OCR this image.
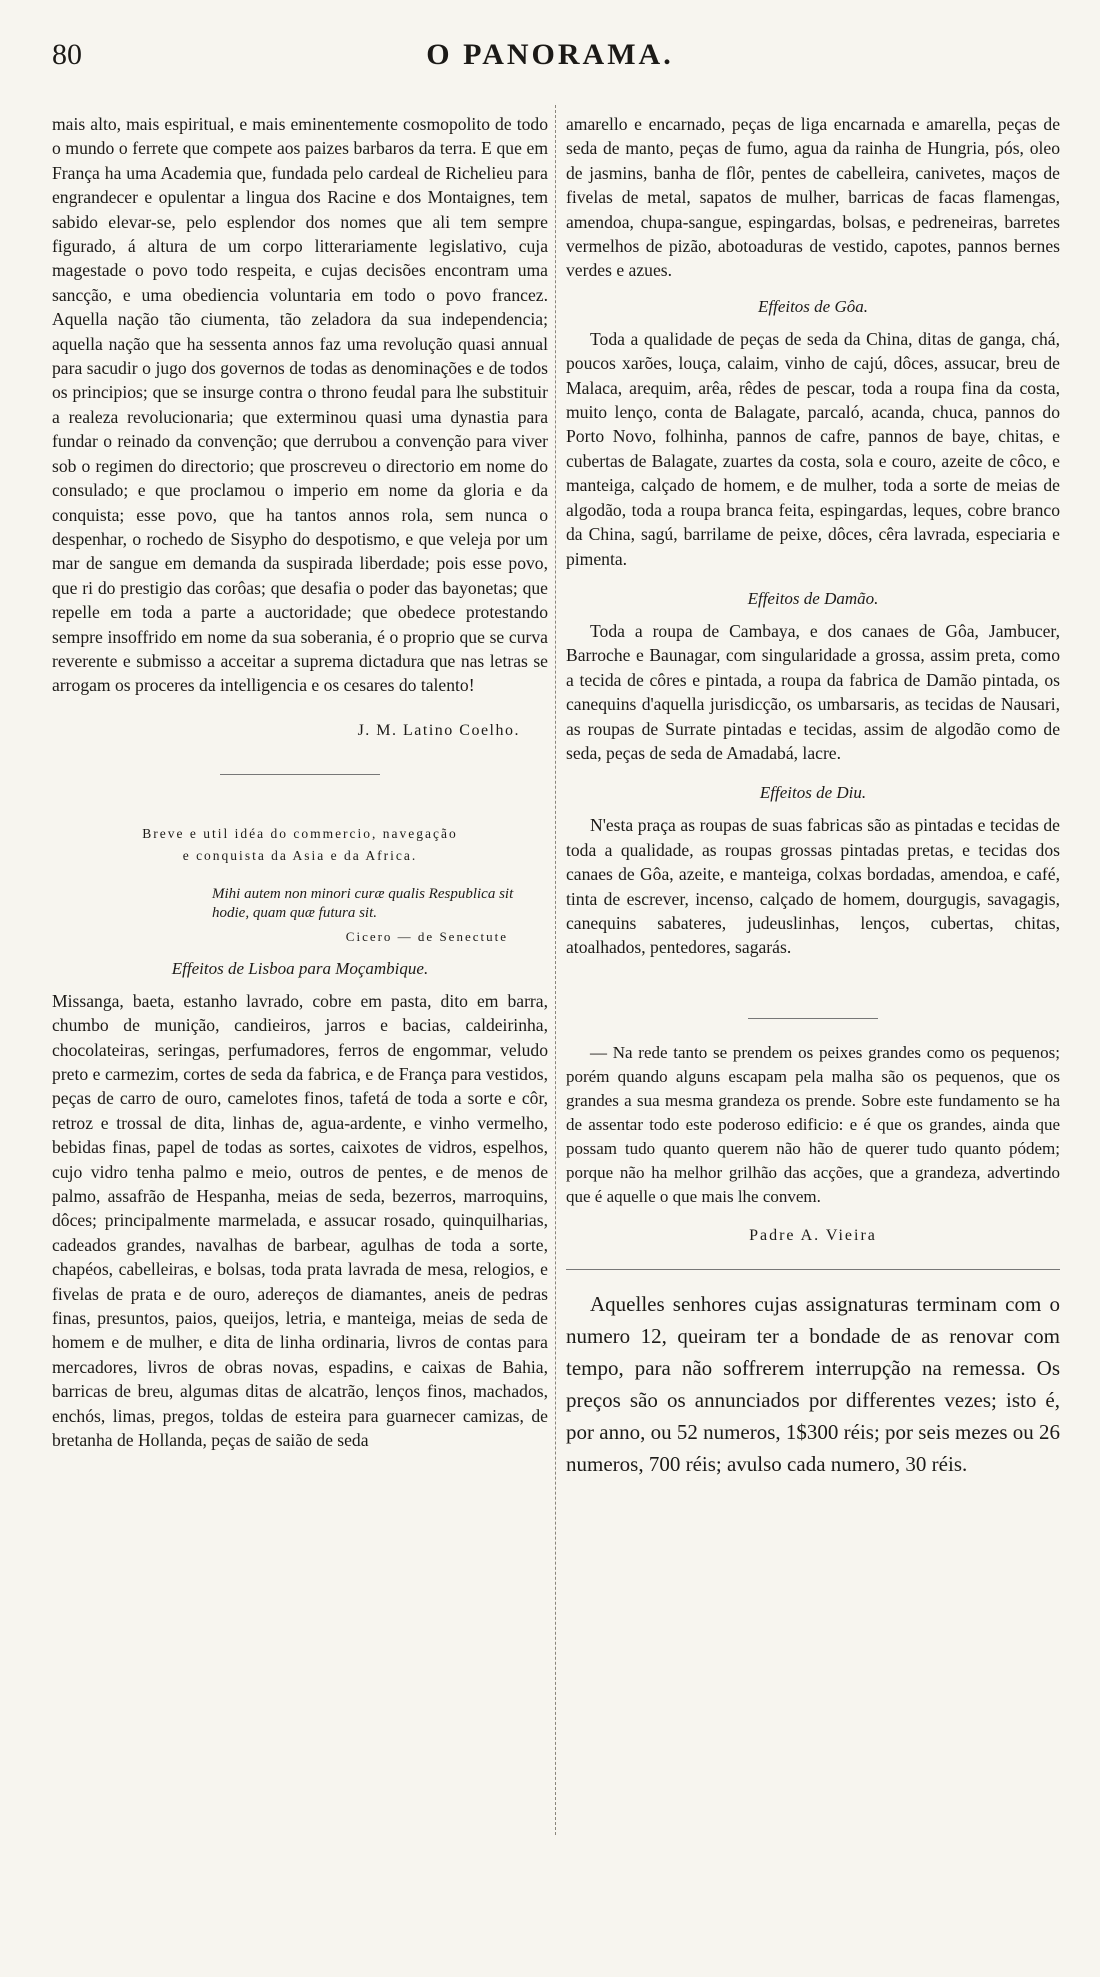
80	O PANORAMA.

mais alto, mais espiritual, e mais eminentemente cosmopolito de todo o mundo o ferrete que compete aos paizes barbaros da terra. E que em França ha uma Academia que, fundada pelo cardeal de Richelieu para engrandecer e opulentar a lingua dos Racine e dos Montaignes, tem sabido elevar-se, pelo esplendor dos nomes que ali tem sempre figurado, á altura de um corpo litterariamente legislativo, cuja magestade o povo todo respeita, e cujas decisões encontram uma sancção, e uma obediencia voluntaria em todo o povo francez. Aquella nação tão ciumenta, tão zeladora da sua independencia; aquella nação que ha sessenta annos faz uma revolução quasi annual para sacudir o jugo dos governos de todas as denominações e de todos os principios; que se insurge contra o throno feudal para lhe substituir a realeza revolucionaria; que exterminou quasi uma dynastia para fundar o reinado da convenção; que derrubou a convenção para viver sob o regimen do directorio; que proscreveu o directorio em nome do consulado; e que proclamou o imperio em nome da gloria e da conquista; esse povo, que ha tantos annos rola, sem nunca o despenhar, o rochedo de Sisypho do despotismo, e que veleja por um mar de sangue em demanda da suspirada liberdade; pois esse povo, que ri do prestigio das corôas; que desafia o poder das bayonetas; que repelle em toda a parte a auctoridade; que obedece protestando sempre insoffrido em nome da sua soberania, é o proprio que se curva reverente e submisso a acceitar a suprema dictadura que nas letras se arrogam os proceres da intelligencia e os cesares do talento!

J. M. Latino Coelho.
Breve e util idéa do commercio, navegação
e conquista da Asia e da Africa.
Mihi autem non minori curæ qualis Respublica sit hodie, quam quæ futura sit.
Cicero — de Senectute
Effeitos de Lisboa para Moçambique.

Missanga, baeta, estanho lavrado, cobre em pasta, dito em barra, chumbo de munição, candieiros, jarros e bacias, caldeirinha, chocolateiras, seringas, perfumadores, ferros de engommar, veludo preto e carmezim, cortes de seda da fabrica, e de França para vestidos, peças de carro de ouro, camelotes finos, tafetá de toda a sorte e côr, retroz e trossal de dita, linhas de, agua-ardente, e vinho vermelho, bebidas finas, papel de todas as sortes, caixotes de vidros, espelhos, cujo vidro tenha palmo e meio, outros de pentes, e de menos de palmo, assafrão de Hespanha, meias de seda, bezerros, marroquins, dôces; principalmente marmelada, e assucar rosado, quinquilharias, cadeados grandes, navalhas de barbear, agulhas de toda a sorte, chapéos, cabelleiras, e bolsas, toda prata lavrada de mesa, relogios, e fivelas de prata e de ouro, adereços de diamantes, aneis de pedras finas, presuntos, paios, queijos, letria, e manteiga, meias de seda de homem e de mulher, e dita de linha ordinaria, livros de contas para mercadores, livros de obras novas, espadins, e caixas de Bahia, barricas de breu, algumas ditas de alcatrão, lenços finos, machados, enchós, limas, pregos, toldas de esteira para guarnecer camizas, de bretanha de Hollanda, peças de saião de seda

amarello e encarnado, peças de liga encarnada e amarella, peças de seda de manto, peças de fumo, agua da rainha de Hungria, pós, oleo de jasmins, banha de flôr, pentes de cabelleira, canivetes, maços de fivelas de metal, sapatos de mulher, barricas de facas flamengas, amendoa, chupa-sangue, espingardas, bolsas, e pedreneiras, barretes vermelhos de pizão, abotoaduras de vestido, capotes, pannos bernes verdes e azues.

Effeitos de Gôa.

Toda a qualidade de peças de seda da China, ditas de ganga, chá, poucos xarões, louça, calaim, vinho de cajú, dôces, assucar, breu de Malaca, arequim, arêa, rêdes de pescar, toda a roupa fina da costa, muito lenço, conta de Balagate, parcaló, acanda, chuca, pannos do Porto Novo, folhinha, pannos de cafre, pannos de baye, chitas, e cubertas de Balagate, zuartes da costa, sola e couro, azeite de côco, e manteiga, calçado de homem, e de mulher, toda a sorte de meias de algodão, toda a roupa branca feita, espingardas, leques, cobre branco da China, sagú, barrilame de peixe, dôces, cêra lavrada, especiaria e pimenta.

Effeitos de Damão.

Toda a roupa de Cambaya, e dos canaes de Gôa, Jambucer, Barroche e Baunagar, com singularidade a grossa, assim preta, como a tecida de côres e pintada, a roupa da fabrica de Damão pintada, os canequins d'aquella jurisdicção, os umbarsaris, as tecidas de Nausari, as roupas de Surrate pintadas e tecidas, assim de algodão como de seda, peças de seda de Amadabá, lacre.

Effeitos de Diu.

N'esta praça as roupas de suas fabricas são as pintadas e tecidas de toda a qualidade, as roupas grossas pintadas pretas, e tecidas dos canaes de Gôa, azeite, e manteiga, colxas bordadas, amendoa, e café, tinta de escrever, incenso, calçado de homem, dourgugis, savagagis, canequins sabateres, judeuslinhas, lenços, cubertas, chitas, atoalhados, pentedores, sagarás.

— Na rede tanto se prendem os peixes grandes como os pequenos; porém quando alguns escapam pela malha são os pequenos, que os grandes a sua mesma grandeza os prende. Sobre este fundamento se ha de assentar todo este poderoso edificio: e é que os grandes, ainda que possam tudo quanto querem não hão de querer tudo quanto pódem; porque não ha melhor grilhão das acções, que a grandeza, advertindo que é aquelle o que mais lhe convem.

Padre A. Vieira

Aquelles senhores cujas assignaturas terminam com o numero 12, queiram ter a bondade de as renovar com tempo, para não soffrerem interrupção na remessa. Os preços são os annunciados por differentes vezes; isto é, por anno, ou 52 numeros, 1$300 réis; por seis mezes ou 26 numeros, 700 réis; avulso cada numero, 30 réis.
